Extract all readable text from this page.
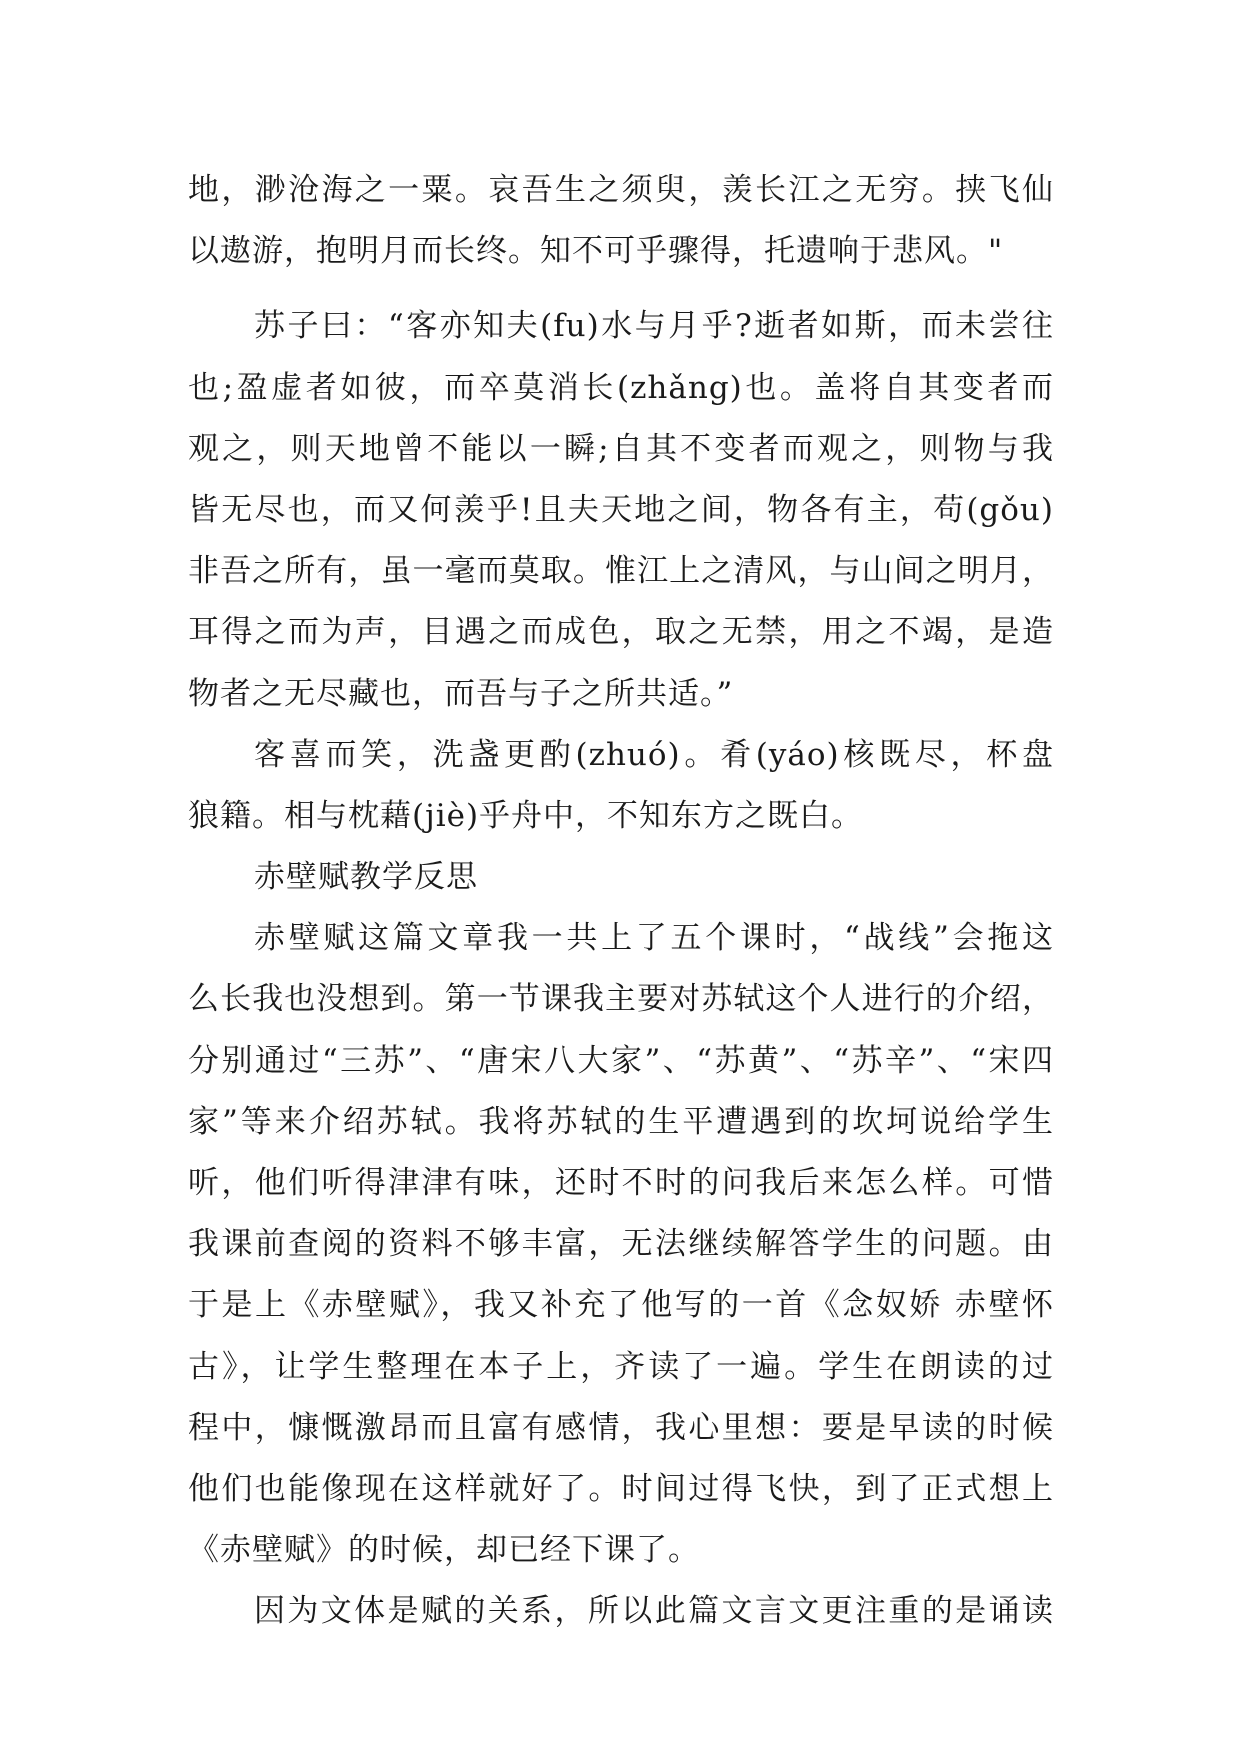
地，渺沧海之一粟。哀吾生之须臾，羡长江之无穷。挟飞仙
以遨游，抱明月而长终。知不可乎骤得，托遗响于悲风。"
苏子曰：“客亦知夫(fu)水与月乎?逝者如斯，而未尝往
也;盈虚者如彼，而卒莫消长(zhǎng)也。盖将自其变者而
观之，则天地曾不能以一瞬;自其不变者而观之，则物与我
皆无尽也，而又何羡乎!且夫天地之间，物各有主，苟(gǒu)
非吾之所有，虽一毫而莫取。惟江上之清风，与山间之明月，
耳得之而为声，目遇之而成色，取之无禁，用之不竭，是造
物者之无尽藏也，而吾与子之所共适。”
客喜而笑，洗盏更酌(zhuó)。肴(yáo)核既尽，杯盘
狼籍。相与枕藉(jiè)乎舟中，不知东方之既白。
赤壁赋教学反思
赤壁赋这篇文章我一共上了五个课时，“战线”会拖这
么长我也没想到。第一节课我主要对苏轼这个人进行的介绍，
分别通过“三苏”、“唐宋八大家”、“苏黄”、“苏辛”、“宋四
家”等来介绍苏轼。我将苏轼的生平遭遇到的坎坷说给学生
听，他们听得津津有味，还时不时的问我后来怎么样。可惜
我课前查阅的资料不够丰富，无法继续解答学生的问题。由
于是上《赤壁赋》，我又补充了他写的一首《念奴娇 赤壁怀
古》，让学生整理在本子上，齐读了一遍。学生在朗读的过
程中，慷慨激昂而且富有感情，我心里想：要是早读的时候
他们也能像现在这样就好了。时间过得飞快，到了正式想上
《赤壁赋》的时候，却已经下课了。
因为文体是赋的关系，所以此篇文言文更注重的是诵读
